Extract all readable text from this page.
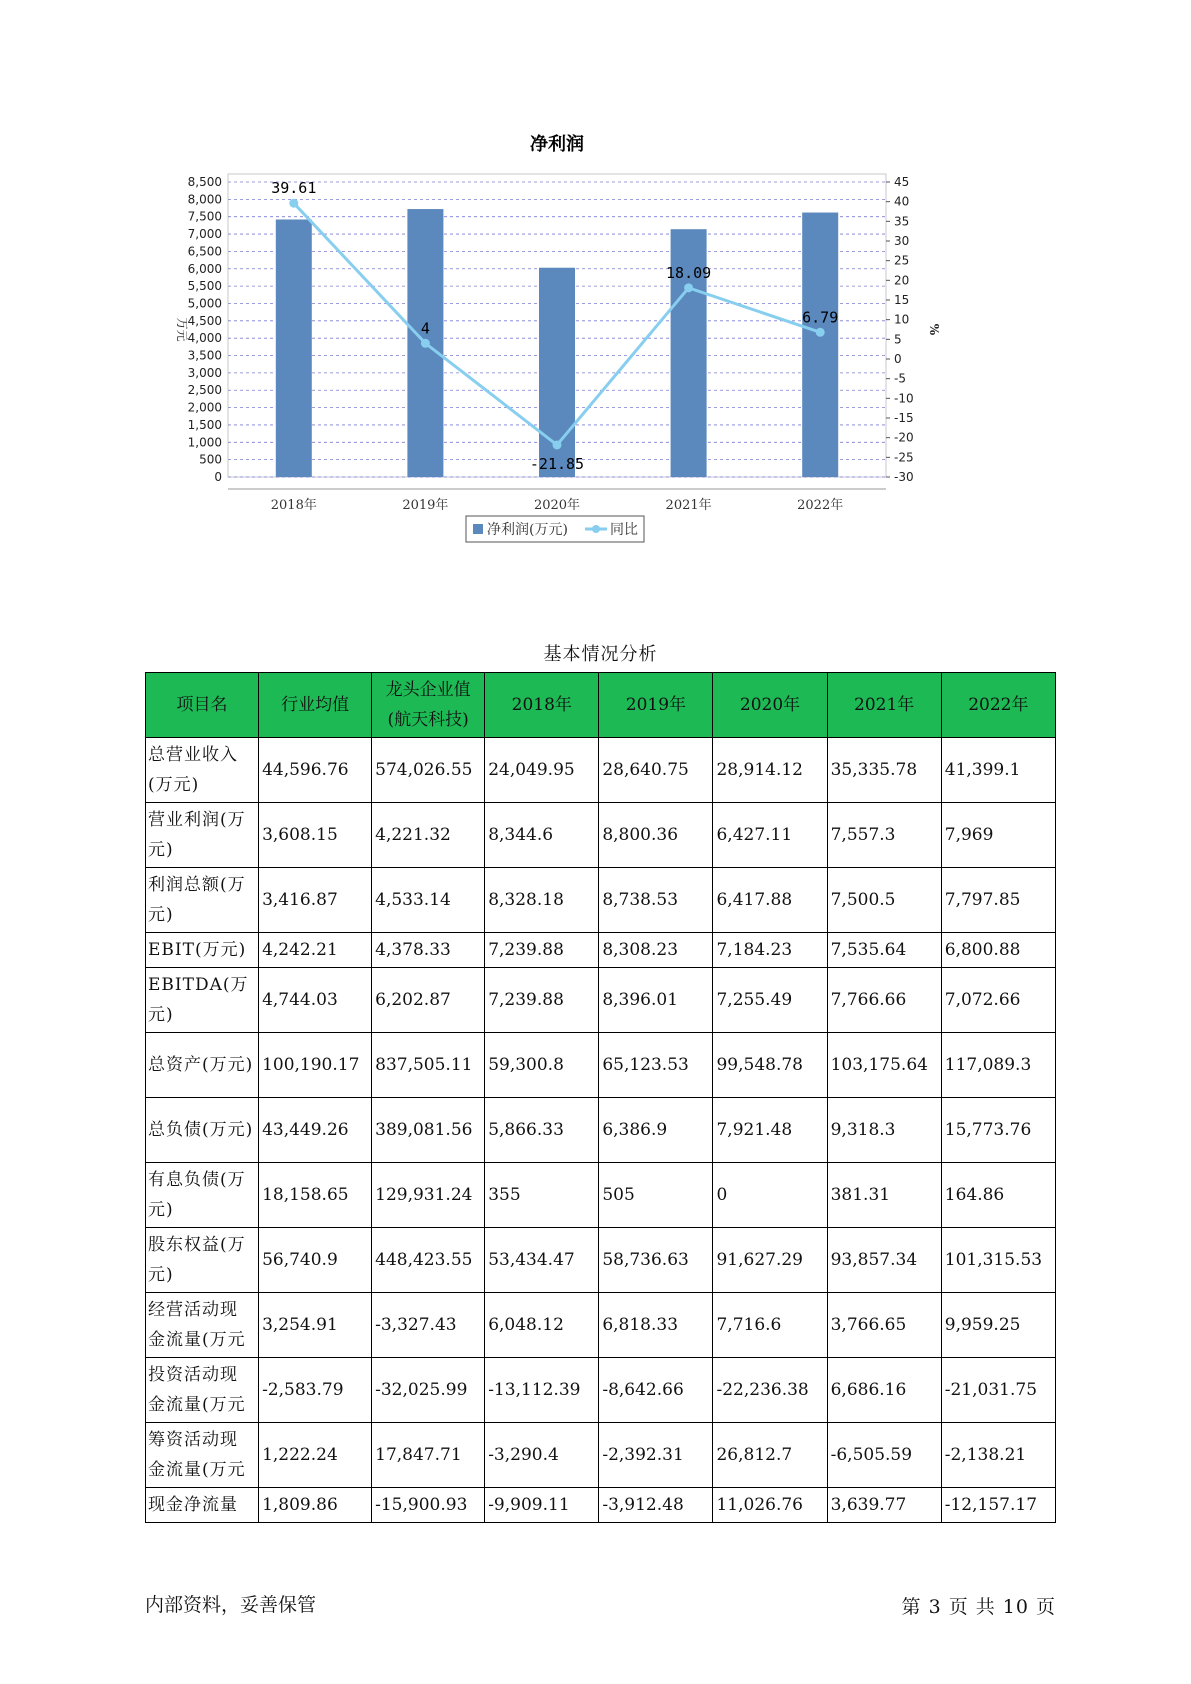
净利润
0
500
1,000
1,500
2,000
2,500
3,000
3,500
4,000
4,500
5,000
5,500
6,000
6,500
7,000
7,500
8,000
8,500
-30
-25
-20
-15
-10
-5
0
5
10
15
20
25
30
35
40
45
万元	%
2018年	2019年	2020年	2021年	2022年
39.61
4
-21.85
18.09
6.79
净利润(万元)	同比
基本情况分析
项目名	行业均值	龙头企业值(航天科技)	2018年	2019年	2020年	2021年	2022年
总营业收入(万元)	44,596.76	574,026.55	24,049.95	28,640.75	28,914.12	35,335.78	41,399.1
营业利润(万元)	3,608.15	4,221.32	8,344.6	8,800.36	6,427.11	7,557.3	7,969
利润总额(万元)	3,416.87	4,533.14	8,328.18	8,738.53	6,417.88	7,500.5	7,797.85
EBIT(万元)	4,242.21	4,378.33	7,239.88	8,308.23	7,184.23	7,535.64	6,800.88
EBITDA(万元)	4,744.03	6,202.87	7,239.88	8,396.01	7,255.49	7,766.66	7,072.66
总资产(万元)	100,190.17	837,505.11	59,300.8	65,123.53	99,548.78	103,175.64	117,089.3
总负债(万元)	43,449.26	389,081.56	5,866.33	6,386.9	7,921.48	9,318.3	15,773.76
有息负债(万元)	18,158.65	129,931.24	355	505	0	381.31	164.86
股东权益(万元)	56,740.9	448,423.55	53,434.47	58,736.63	91,627.29	93,857.34	101,315.53
经营活动现金流量(万元	3,254.91	-3,327.43	6,048.12	6,818.33	7,716.6	3,766.65	9,959.25
投资活动现金流量(万元	-2,583.79	-32,025.99	-13,112.39	-8,642.66	-22,236.38	6,686.16	-21,031.75
筹资活动现金流量(万元	1,222.24	17,847.71	-3,290.4	-2,392.31	26,812.7	-6,505.59	-2,138.21
现金净流量	1,809.86	-15,900.93	-9,909.11	-3,912.48	11,026.76	3,639.77	-12,157.17
内部资料，妥善保管	第 3 页 共 10 页
